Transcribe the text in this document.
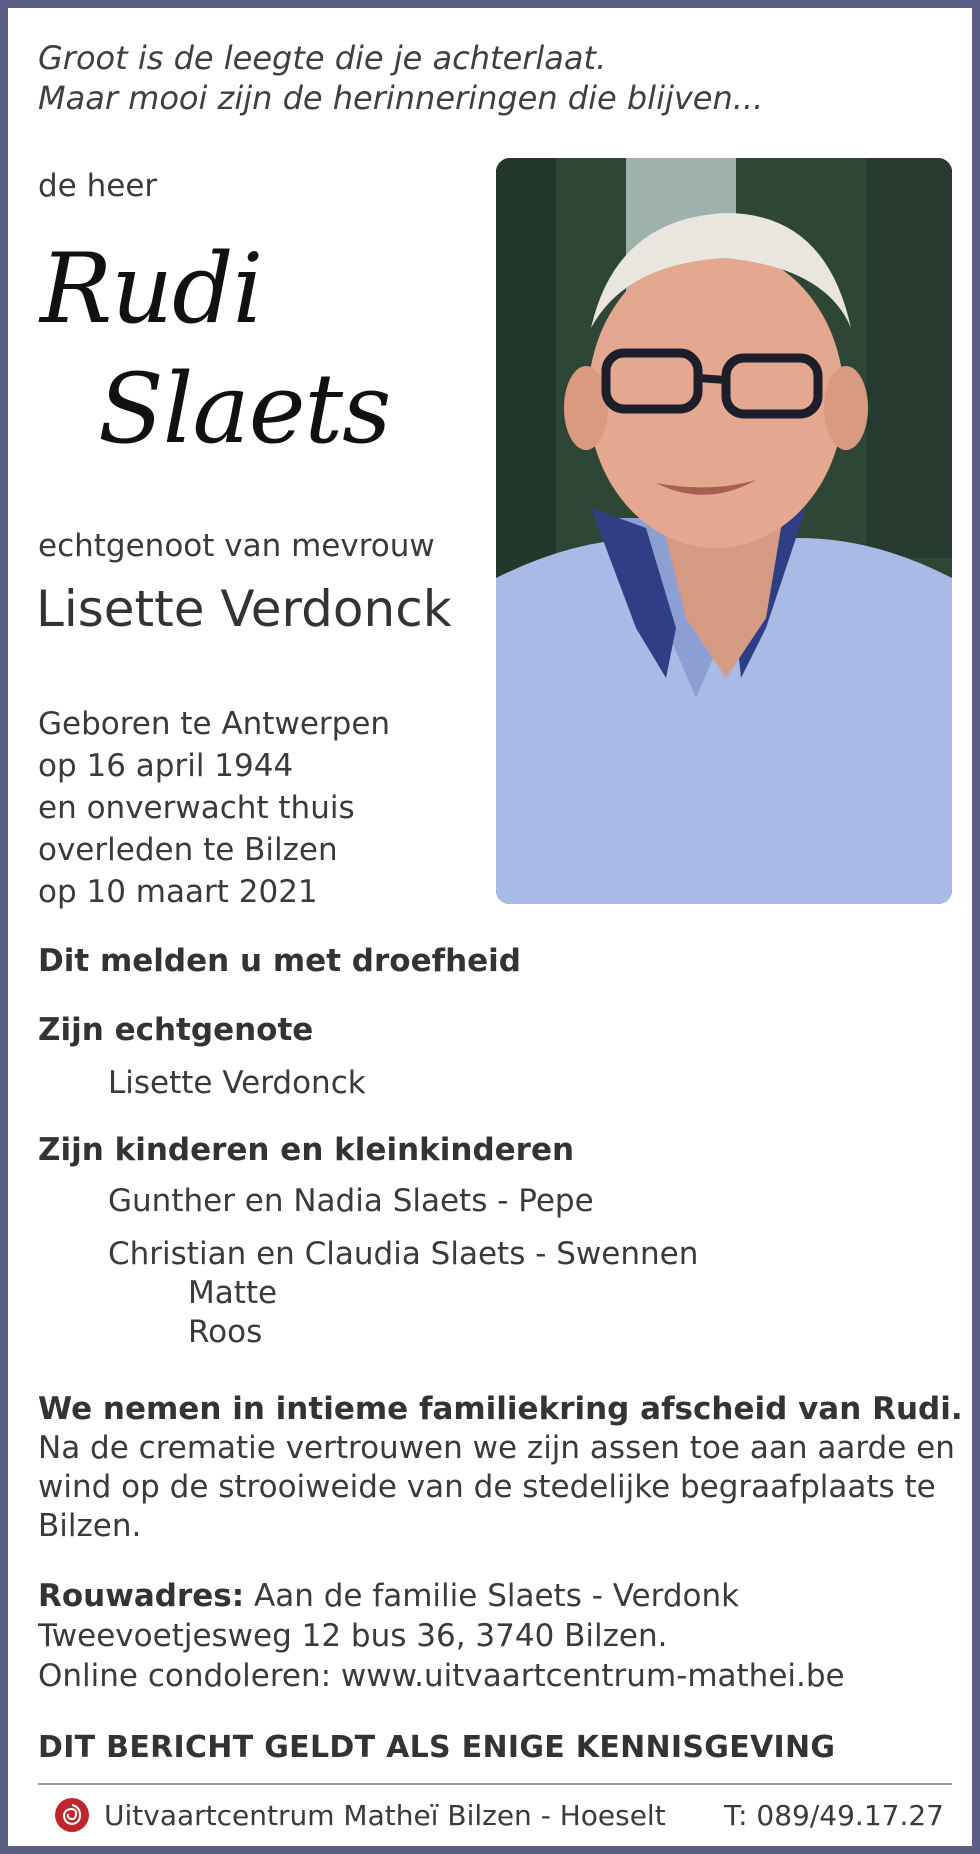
Groot is de leegte die je achterlaat.
Maar mooi zijn de herinneringen die blijven...
de heer
Rudi
Slaets
echtgenoot van mevrouw
Lisette Verdonck
Geboren te Antwerpen
op 16 april 1944
en onverwacht thuis
overleden te Bilzen
op 10 maart 2021
Dit melden u met droefheid
Zijn echtgenote
Lisette Verdonck
Zijn kinderen en kleinkinderen
Gunther en Nadia Slaets - Pepe
Christian en Claudia Slaets - Swennen
Matte
Roos
We nemen in intieme familiekring afscheid van Rudi.
Na de crematie vertrouwen we zijn assen toe aan aarde en wind op de strooiweide van de stedelijke begraafplaats te Bilzen.
Rouwadres: Aan de familie Slaets - Verdonk
Tweevoetjesweg 12 bus 36, 3740 Bilzen.
Online condoleren: www.uitvaartcentrum-mathei.be
DIT BERICHT GELDT ALS ENIGE KENNISGEVING
Uitvaartcentrum Matheï Bilzen - Hoeselt T: 089/49.17.27
